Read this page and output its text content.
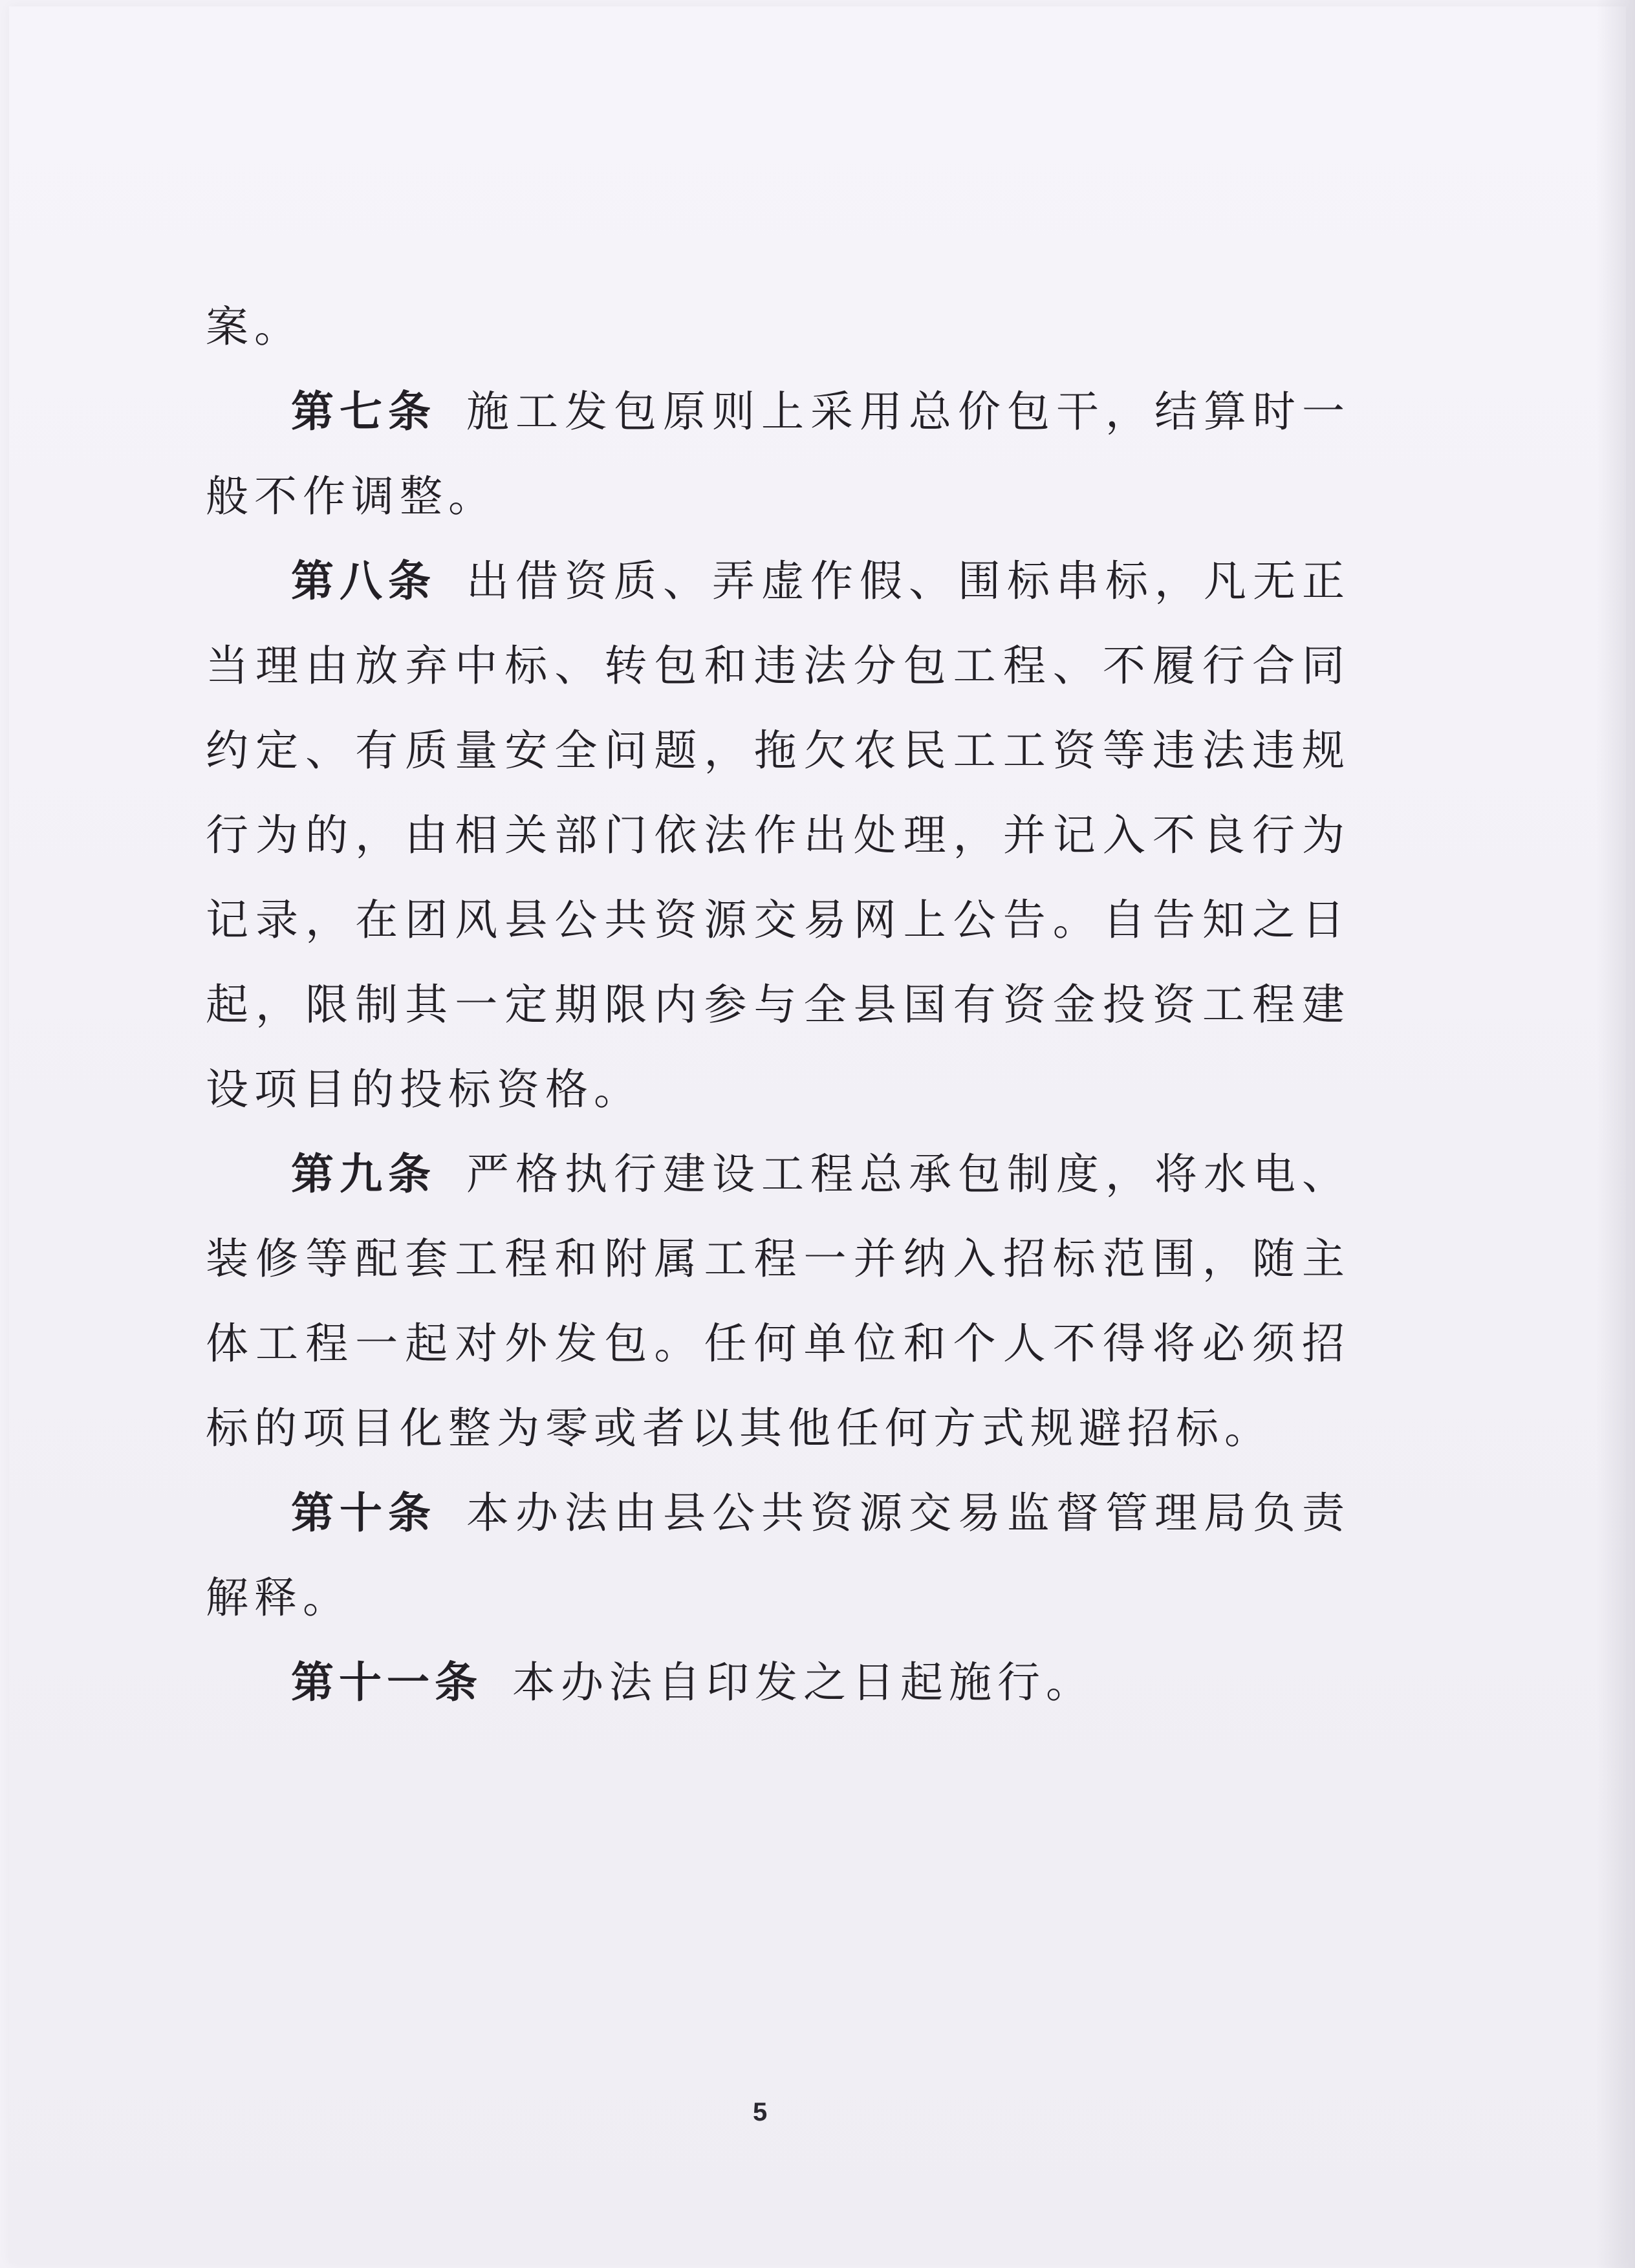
案。

第七条 施工发包原则上采用总价包干，结算时一般不作调整。

第八条 出借资质、弄虚作假、围标串标，凡无正当理由放弃中标、转包和违法分包工程、不履行合同约定、有质量安全问题，拖欠农民工工资等违法违规行为的，由相关部门依法作出处理，并记入不良行为记录，在团风县公共资源交易网上公告。自告知之日起，限制其一定期限内参与全县国有资金投资工程建设项目的投标资格。

第九条 严格执行建设工程总承包制度，将水电、装修等配套工程和附属工程一并纳入招标范围，随主体工程一起对外发包。任何单位和个人不得将必须招标的项目化整为零或者以其他任何方式规避招标。

第十条 本办法由县公共资源交易监督管理局负责解释。

第十一条 本办法自印发之日起施行。

5
